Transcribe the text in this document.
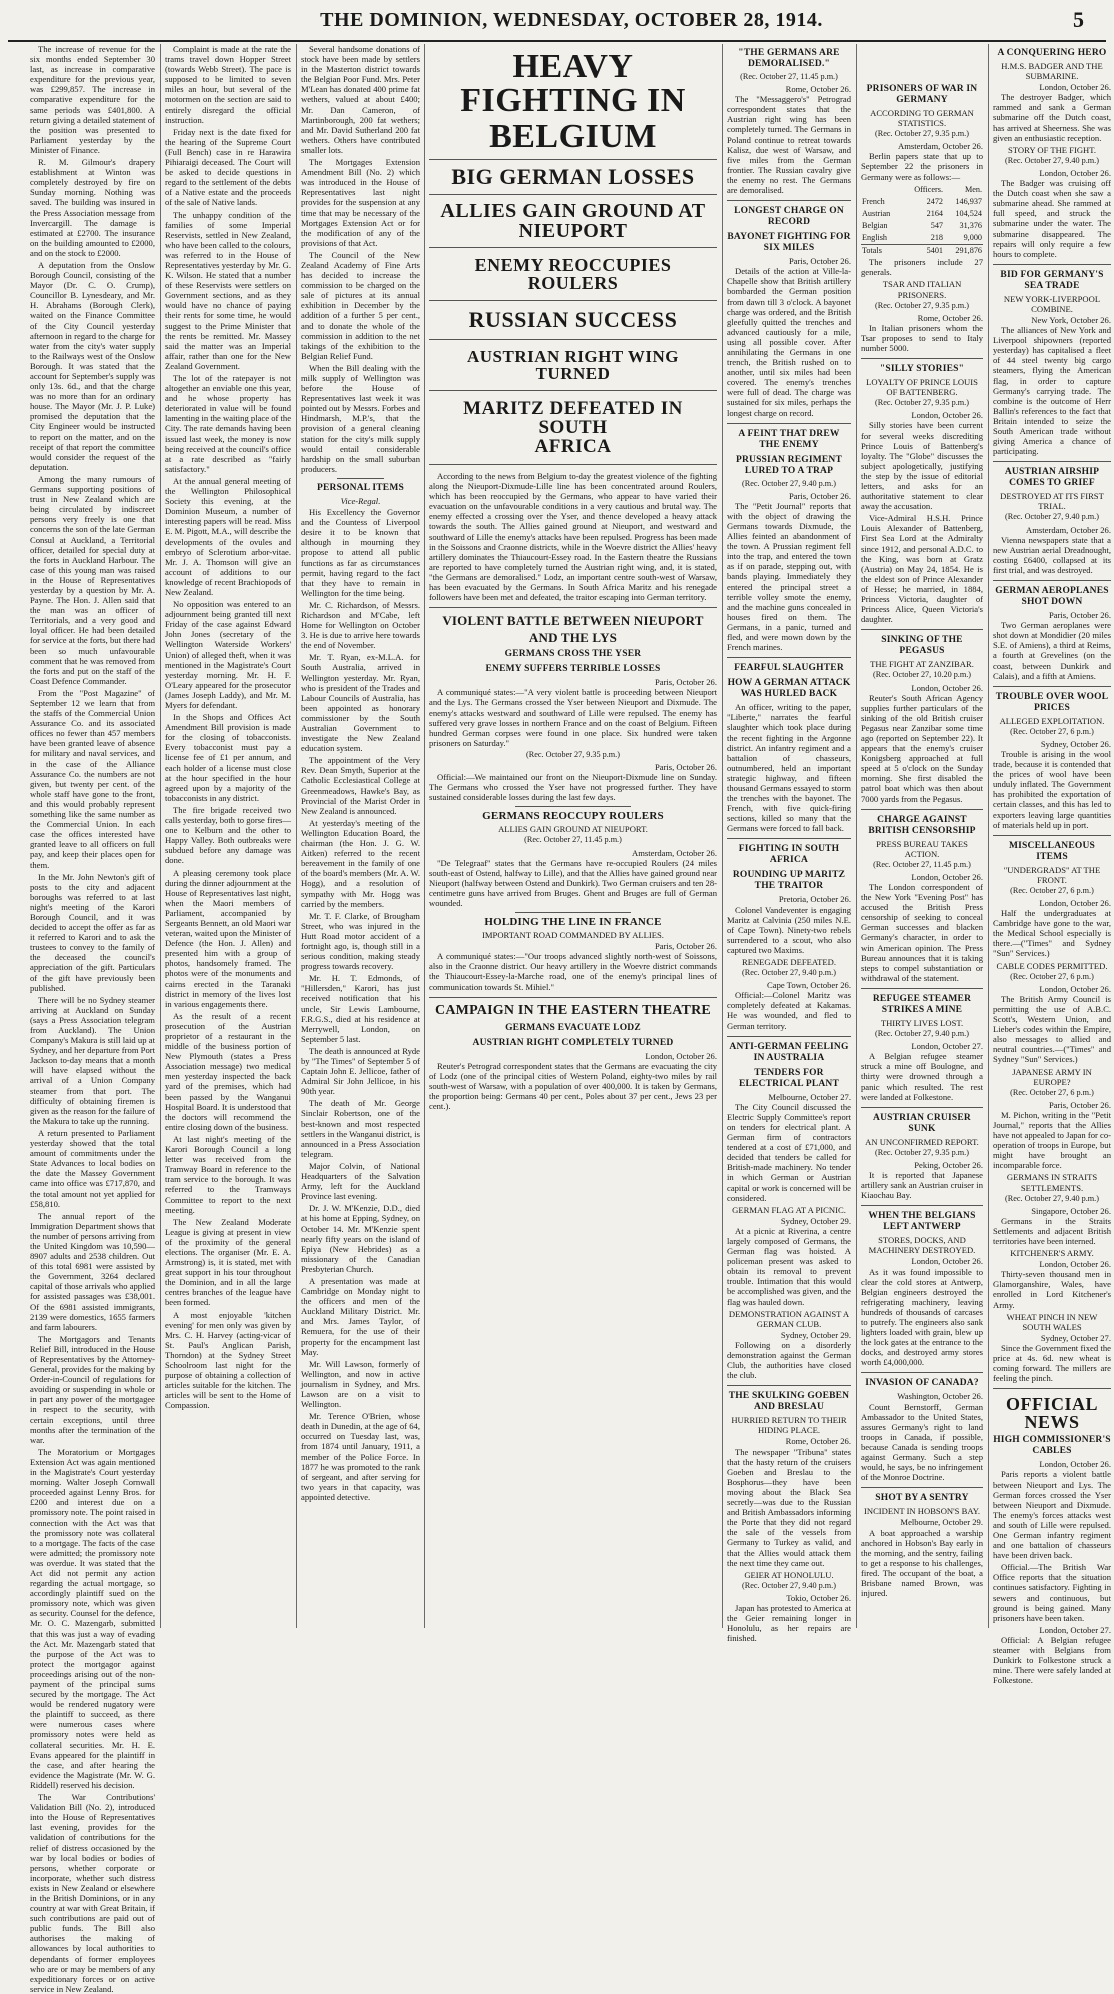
THE DOMINION, WEDNESDAY, OCTOBER 28, 1914.	5

The increase of revenue for the six months ended September 30 last, as increase in comparative expenditure for the previous year, was £299,857. The increase in comparative expenditure for the same periods was £401,800. A return giving a detailed statement of the position was presented to Parliament yesterday by the Minister of Finance.

R. M. Gilmour's drapery establishment at Winton was completely destroyed by fire on Sunday morning. Nothing was saved. The building was insured in the Press Association message from Invercargill. The damage is estimated at £2700. The insurance on the building amounted to £2000, and on the stock to £2000.

A deputation from the Onslow Borough Council, consisting of the Mayor (Dr. C. O. Crump), Councillor B. Lynesdeary, and Mr. H. Abrahams (Borough Clerk), waited on the Finance Committee of the City Council yesterday afternoon in regard to the charge for water from the city's water supply to the Railways west of the Onslow Borough. It was stated that the account for September's supply was only 13s. 6d., and that the charge was no more than for an ordinary house. The Mayor (Mr. J. P. Luke) promised the deputation that the City Engineer would be instructed to report on the matter, and on the receipt of that report the committee would consider the request of the deputation.

Among the many rumours of Germans supporting positions of trust in New Zealand which are being circulated by indiscreet persons very freely is one that concerns the son of the late German Consul at Auckland, a Territorial officer, detailed for special duty at the forts in Auckland Harbour. The case of this young man was raised in the House of Representatives yesterday by a question by Mr. A. Payne. The Hon. J. Allen said that the man was an officer of Territorials, and a very good and loyal officer. He had been detailed for service at the forts, but there had been so much unfavourable comment that he was removed from the forts and put on the staff of the Coast Defence Commander.

From the "Post Magazine" of September 12 we learn that from the staffs of the Commercial Union Assurance Co. and its associated offices no fewer than 457 members have been granted leave of absence for military and naval services, and in the case of the Alliance Assurance Co. the numbers are not given, but twenty per cent. of the whole staff have gone to the front, and this would probably represent something like the same number as the Commercial Union. In each case the offices interested have granted leave to all officers on full pay, and keep their places open for them.

In the Mr. John Newton's gift of posts to the city and adjacent boroughs was referred to at last night's meeting of the Karori Borough Council, and it was decided to accept the offer as far as it referred to Karori and to ask the trustees to convey to the family of the deceased the council's appreciation of the gift. Particulars of the gift have previously been published.

There will be no Sydney steamer arriving at Auckland on Sunday (says a Press Association telegram from Auckland). The Union Company's Makura is still laid up at Sydney, and her departure from Port Jackson to-day means that a month will have elapsed without the arrival of a Union Company steamer from that port. The difficulty of obtaining firemen is given as the reason for the failure of the Makura to take up the running.

A return presented to Parliament yesterday showed that the total amount of commitments under the State Advances to local bodies on the date the Massey Government came into office was £717,870, and the total amount not yet applied for £58,810.

The annual report of the Immigration Department shows that the number of persons arriving from the United Kingdom was 10,590—8907 adults and 2538 children. Out of this total 6981 were assisted by the Government, 3264 declared capital of those arrivals who applied for assisted passages was £38,001. Of the 6981 assisted immigrants, 2139 were domestics, 1655 farmers and farm labourers.

The Mortgagors and Tenants Relief Bill, introduced in the House of Representatives by the Attorney-General, provides for the making by Order-in-Council of regulations for avoiding or suspending in whole or in part any power of the mortgagee in respect to the security, with certain exceptions, until three months after the termination of the war.

The Moratorium or Mortgages Extension Act was again mentioned in the Magistrate's Court yesterday morning. Walter Joseph Cornwall proceeded against Lenny Bros. for £200 and interest due on a promissory note. The point raised in connection with the Act was that the promissory note was collateral to a mortgage. The facts of the case were admitted; the promissory note was overdue. It was stated that the Act did not permit any action regarding the actual mortgage, so accordingly plaintiff sued on the promissory note, which was given as security. Counsel for the defence, Mr. O. C. Mazengarb, submitted that this was just a way of evading the Act. Mr. Mazengarb stated that the purpose of the Act was to protect the mortgagor against proceedings arising out of the non-payment of the principal sums secured by the mortgage. The Act would be rendered nugatory were the plaintiff to succeed, as there were numerous cases where promissory notes were held as collateral securities. Mr. H. E. Evans appeared for the plaintiff in the case, and after hearing the evidence the Magistrate (Mr. W. G. Riddell) reserved his decision.

The War Contributions' Validation Bill (No. 2), introduced into the House of Representatives last evening, provides for the validation of contributions for the relief of distress occasioned by the war by local bodies or bodies of persons, whether corporate or incorporate, whether such distress exists in New Zealand or elsewhere in the British Dominions, or in any country at war with Great Britain, if such contributions are paid out of public funds. The Bill also authorises the making of allowances by local authorities to dependants of former employees who are or may be members of any expeditionary forces or on active service in New Zealand.

Complaint is made at the rate the trams travel down Hopper Street (towards Webb Street). The pace is supposed to be limited to seven miles an hour, but several of the motormen on the section are said to entirely disregard the official instruction.

Friday next is the date fixed for the hearing of the Supreme Court (Full Bench) case in re Harawira Pihiaraigi deceased. The Court will be asked to decide questions in regard to the settlement of the debts of a Native estate and the proceeds of the sale of Native lands.

The unhappy condition of the families of some Imperial Reservists, settled in New Zealand, who have been called to the colours, was referred to in the House of Representatives yesterday by Mr. G. K. Wilson. He stated that a number of these Reservists were settlers on Government sections, and as they would have no chance of paying their rents for some time, he would suggest to the Prime Minister that the rents be remitted. Mr. Massey said the matter was an Imperial affair, rather than one for the New Zealand Government.

The lot of the ratepayer is not altogether an enviable one this year, and he whose property has deteriorated in value will be found lamenting in the waiting place of the City. The rate demands having been issued last week, the money is now being received at the council's office at a rate described as "fairly satisfactory."

At the annual general meeting of the Wellington Philosophical Society this evening, at the Dominion Museum, a number of interesting papers will be read. Miss E. M. Pigott, M.A., will describe the developments of the ovules and embryo of Sclerotium arbor-vitae. Mr. J. A. Thomson will give an account of additions to our knowledge of recent Brachiopods of New Zealand.

No opposition was entered to an adjournment being granted till next Friday of the case against Edward John Jones (secretary of the Wellington Waterside Workers' Union) of alleged theft, when it was mentioned in the Magistrate's Court yesterday morning. Mr. H. F. O'Leary appeared for the prosecutor (James Joseph Laddy), and Mr. M. Myers for defendant.

In the Shops and Offices Act Amendment Bill provision is made for the closing of tobacconists. Every tobacconist must pay a license fee of £1 per annum, and each holder of a license must close at the hour specified in the hour agreed upon by a majority of the tobacconists in any district.

The fire brigade received two calls yesterday, both to gorse fires—one to Kelburn and the other to Happy Valley. Both outbreaks were subdued before any damage was done.

A pleasing ceremony took place during the dinner adjournment at the House of Representatives last night, when the Maori members of Parliament, accompanied by Sergeants Bennett, an old Maori war veteran, waited upon the Minister of Defence (the Hon. J. Allen) and presented him with a group of photos, handsomely framed. The photos were of the monuments and cairns erected in the Taranaki district in memory of the lives lost in various engagements there.

As the result of a recent prosecution of the Austrian proprietor of a restaurant in the middle of the business portion of New Plymouth (states a Press Association message) two medical men yesterday inspected the back yard of the premises, which had been passed by the Wanganui Hospital Board. It is understood that the doctors will recommend the entire closing down of the business.

At last night's meeting of the Karori Borough Council a long letter was received from the Tramway Board in reference to the tram service to the borough. It was referred to the Tramways Committee to report to the next meeting.

The New Zealand Moderate League is giving at present in view of the proximity of the general elections. The organiser (Mr. E. A. Armstrong) is, it is stated, met with great support in his tour throughout the Dominion, and in all the large centres branches of the league have been formed.

A most enjoyable 'kitchen evening' for men only was given by Mrs. C. H. Harvey (acting-vicar of St. Paul's Anglican Parish, Thorndon) at the Sydney Street Schoolroom last night for the purpose of obtaining a collection of articles suitable for the kitchen. The articles will be sent to the Home of Compassion.

Several handsome donations of stock have been made by settlers in the Masterton district towards the Belgian Poor Fund. Mrs. Peter M'Lean has donated 400 prime fat wethers, valued at about £400; Mr. Dan Cameron, of Martinborough, 200 fat wethers; and Mr. David Sutherland 200 fat wethers. Others have contributed smaller lots.

The Mortgages Extension Amendment Bill (No. 2) which was introduced in the House of Representatives last night provides for the suspension at any time that may be necessary of the Mortgages Extension Act or for the modification of any of the provisions of that Act.

The Council of the New Zealand Academy of Fine Arts has decided to increase the commission to be charged on the sale of pictures at its annual exhibition in December by the addition of a further 5 per cent., and to donate the whole of the commission in addition to the net takings of the exhibition to the Belgian Relief Fund.

When the Bill dealing with the milk supply of Wellington was before the House of Representatives last week it was pointed out by Messrs. Forbes and Hindmarsh, M.P.'s, that the provision of a general cleaning station for the city's milk supply would entail considerable hardship on the small suburban producers.

PERSONAL ITEMS
Vice-Regal.

His Excellency the Governor and the Countess of Liverpool desire it to be known that although in mourning they propose to attend all public functions as far as circumstances permit, having regard to the fact that they have to remain in Wellington for the time being.

Mr. C. Richardson, of Messrs. Richardson and M'Cabe, left Home for Wellington on October 3. He is due to arrive here towards the end of November.

Mr. T. Ryan, ex-M.L.A. for South Australia, arrived in Wellington yesterday. Mr. Ryan, who is president of the Trades and Labour Councils of Australia, has been appointed as honorary commissioner by the South Australian Government to investigate the New Zealand education system.

The appointment of the Very Rev. Dean Smyth, Superior at the Catholic Ecclesiastical College at Greenmeadows, Hawke's Bay, as Provincial of the Marist Order in New Zealand is announced.

At yesterday's meeting of the Wellington Education Board, the chairman (the Hon. J. G. W. Aitken) referred to the recent bereavement in the family of one of the board's members (Mr. A. W. Hogg), and a resolution of sympathy with Mr. Hogg was carried by the members.

Mr. T. F. Clarke, of Brougham Street, who was injured in the Hutt Road motor accident of a fortnight ago, is, though still in a serious condition, making steady progress towards recovery.

Mr. H. T. Edmonds, of "Hillersden," Karori, has just received notification that his uncle, Sir Lewis Lambourne, F.R.G.S., died at his residence at Merrywell, London, on September 5 last.

The death is announced at Ryde by "The Times" of September 5 of Captain John E. Jellicoe, father of Admiral Sir John Jellicoe, in his 90th year.

The death of Mr. George Sinclair Robertson, one of the best-known and most respected settlers in the Wanganui district, is announced in a Press Association telegram.

Major Colvin, of National Headquarters of the Salvation Army, left for the Auckland Province last evening.

Dr. J. W. M'Kenzie, D.D., died at his home at Epping, Sydney, on October 14. Mr. M'Kenzie spent nearly fifty years on the island of Epiya (New Hebrides) as a missionary of the Canadian Presbyterian Church.

A presentation was made at Cambridge on Monday night to the officers and men of the Auckland Military District. Mr. and Mrs. James Taylor, of Remuera, for the use of their property for the encampment last May.

Mr. Will Lawson, formerly of Wellington, and now in active journalism in Sydney, and Mrs. Lawson are on a visit to Wellington.

Mr. Terence O'Brien, whose death in Dunedin, at the age of 64, occurred on Tuesday last, was, from 1874 until January, 1911, a member of the Police Force. In 1877 he was promoted to the rank of sergeant, and after serving for two years in that capacity, was appointed detective.

HEAVY FIGHTING IN
BELGIUM
BIG GERMAN LOSSES
ALLIES GAIN GROUND AT
NIEUPORT
ENEMY REOCCUPIES ROULERS
RUSSIAN SUCCESS
AUSTRIAN RIGHT WING TURNED
MARITZ DEFEATED IN SOUTH
AFRICA

According to the news from Belgium to-day the greatest violence of the fighting along the Nieuport-Dixmude-Lille line has been concentrated around Roulers, which has been reoccupied by the Germans, who appear to have varied their evacuation on the unfavourable conditions in a very cautious and brutal way. The enemy effected a crossing over the Yser, and thence developed a heavy attack towards the south. The Allies gained ground at Nieuport, and westward and southward of Lille the enemy's attacks have been repulsed. Progress has been made in the Soissons and Craonne districts, while in the Woevre district the Allies' heavy artillery dominates the Thiaucourt-Essey road. In the Eastern theatre the Russians are reported to have completely turned the Austrian right wing, and, it is stated, "the Germans are demoralised." Lodz, an important centre south-west of Warsaw, has been evacuated by the Germans. In South Africa Maritz and his renegade followers have been met and defeated, the traitor escaping into German territory.

VIOLENT BATTLE BETWEEN NIEUPORT
AND THE LYS
GERMANS CROSS THE YSER
ENEMY SUFFERS TERRIBLE LOSSES
Paris, October 26.

A communiqué states:—"A very violent battle is proceeding between Nieuport and the Lys. The Germans crossed the Yser between Nieuport and Dixmude. The enemy's attacks westward and southward of Lille were repulsed. The enemy has suffered very grave losses in northern France and on the coast of Belgium. Fifteen hundred German corpses were found in one place. Six hundred were taken prisoners on Saturday."

(Rec. October 27, 9.35 p.m.)
Paris, October 26.

Official:—We maintained our front on the Nieuport-Dixmude line on Sunday. The Germans who crossed the Yser have not progressed further. They have sustained considerable losses during the last few days.

GERMANS REOCCUPY ROULERS
ALLIES GAIN GROUND AT NIEUPORT.
(Rec. October 27, 11.45 p.m.)
Amsterdam, October 26.

"De Telegraaf" states that the Germans have re-occupied Roulers (24 miles south-east of Ostend, halfway to Lille), and that the Allies have gained ground near Nieuport (halfway between Ostend and Dunkirk). Two German cruisers and ten 28-centimetre guns have arrived from Bruges. Ghent and Bruges are full of German wounded.

HOLDING THE LINE IN FRANCE
IMPORTANT ROAD COMMANDED BY ALLIES.
Paris, October 26.

A communiqué states:—"Our troops advanced slightly north-west of Soissons, also in the Craonne district. Our heavy artillery in the Woevre district commands the Thiaucourt-Essey-la-Marche road, one of the enemy's principal lines of communication towards St. Mihiel."

CAMPAIGN IN THE EASTERN THEATRE
GERMANS EVACUATE LODZ
AUSTRIAN RIGHT COMPLETELY TURNED
London, October 26.

Reuter's Petrograd correspondent states that the Germans are evacuating the city of Lodz (one of the principal cities of Western Poland, eighty-two miles by rail south-west of Warsaw, with a population of over 400,000. It is taken by Germans, the proportion being: Germans 40 per cent., Poles about 37 per cent., Jews 23 per cent.).

"THE GERMANS ARE DEMORALISED."
(Rec. October 27, 11.45 p.m.)
Rome, October 26.

The "Messaggero's" Petrograd correspondent states that the Austrian right wing has been completely turned. The Germans in Poland continue to retreat towards Kalisz, due west of Warsaw, and five miles from the German frontier. The Russian cavalry give the enemy no rest. The Germans are demoralised.

LONGEST CHARGE ON RECORD
BAYONET FIGHTING FOR SIX MILES
Paris, October 26.

Details of the action at Ville-la-Chapelle show that British artillery bombarded the German position from dawn till 3 o'clock. A bayonet charge was ordered, and the British gleefully quitted the trenches and advanced cautiously for a mile, using all possible cover. After annihilating the Germans in one trench, the British rushed on to another, until six miles had been covered. The enemy's trenches were full of dead. The charge was sustained for six miles, perhaps the longest charge on record.

A FEINT THAT DREW THE ENEMY
PRUSSIAN REGIMENT LURED TO A TRAP
(Rec. October 27, 9.40 p.m.)
Paris, October 26.

The "Petit Journal" reports that with the object of drawing the Germans towards Dixmude, the Allies feinted an abandonment of the town. A Prussian regiment fell into the trap, and entered the town as if on parade, stepping out, with bands playing. Immediately they entered the principal street a terrible volley smote the enemy, and the machine guns concealed in houses fired on them. The Germans, in a panic, turned and fled, and were mown down by the French marines.

FEARFUL SLAUGHTER
HOW A GERMAN ATTACK WAS HURLED BACK

An officer, writing to the paper, "Liberte," narrates the fearful slaughter which took place during the recent fighting in the Argonne district. An infantry regiment and a battalion of chasseurs, outnumbered, held an important strategic highway, and fifteen thousand Germans essayed to storm the trenches with the bayonet. The French, with five quick-firing sections, killed so many that the Germans were forced to fall back.

FIGHTING IN SOUTH AFRICA
ROUNDING UP MARITZ THE TRAITOR
Pretoria, October 26.

Colonel Vandeventer is engaging Maritz at Calvinia (250 miles N.E. of Cape Town). Ninety-two rebels surrendered to a scout, who also captured two Maxims.

RENEGADE DEFEATED.
(Rec. October 27, 9.40 p.m.)
Cape Town, October 26.

Official:—Colonel Maritz was completely defeated at Kakamas. He was wounded, and fled to German territory.

ANTI-GERMAN FEELING IN AUSTRALIA
TENDERS FOR ELECTRICAL PLANT
Melbourne, October 27.

The City Council discussed the Electric Supply Committee's report on tenders for electrical plant. A German firm of contractors tendered at a cost of £71,000, and decided that tenders be called for British-made machinery. No tender in which German or Austrian capital or work is concerned will be considered.

GERMAN FLAG AT A PICNIC.
Sydney, October 29.

At a picnic at Riverina, a centre largely composed of Germans, the German flag was hoisted. A policeman present was asked to obtain its removal to prevent trouble. Intimation that this would be accomplished was given, and the flag was hauled down.

DEMONSTRATION AGAINST A GERMAN CLUB.
Sydney, October 29.

Following on a disorderly demonstration against the German Club, the authorities have closed the club.

THE SKULKING GOEBEN AND BRESLAU
HURRIED RETURN TO THEIR HIDING PLACE.
Rome, October 26.

The newspaper "Tribuna" states that the hasty return of the cruisers Goeben and Breslau to the Bosphorus—they have been moving about the Black Sea secretly—was due to the Russian and British Ambassadors informing the Porte that they did not regard the sale of the vessels from Germany to Turkey as valid, and that the Allies would attack them the next time they came out.

GEIER AT HONOLULU.
(Rec. October 27, 9.40 p.m.)
Tokio, October 26.

Japan has protested to America at the Geier remaining longer in Honolulu, as her repairs are finished.

PRISONERS OF WAR IN GERMANY
ACCORDING TO GERMAN STATISTICS.
(Rec. October 27, 9.35 p.m.)
Amsterdam, October 26.

Berlin papers state that up to September 22 the prisoners in Germany were as follows:—

	Officers.	Men.
French	2472	146,937
Austrian	2164	104,524
Belgian	547	31,376
English	218	9,000
Totals	5401	291,876

The prisoners include 27 generals.

TSAR AND ITALIAN PRISONERS.
(Rec. October 27, 9.35 p.m.)
Rome, October 26.

In Italian prisoners whom the Tsar proposes to send to Italy number 5000.

"SILLY STORIES"
LOYALTY OF PRINCE LOUIS OF BATTENBERG.
(Rec. October 27, 9.35 p.m.)
London, October 26.

Silly stories have been current for several weeks discrediting Prince Louis of Battenberg's loyalty. The "Globe" discusses the subject apologetically, justifying the step by the issue of editorial letters, and asks for an authoritative statement to clear away the accusation.

Vice-Admiral H.S.H. Prince Louis Alexander of Battenberg, First Sea Lord at the Admiralty since 1912, and personal A.D.C. to the King, was born at Gratz (Austria) on May 24, 1854. He is the eldest son of Prince Alexander of Hesse; he married, in 1884, Princess Victoria, daughter of Princess Alice, Queen Victoria's daughter.

SINKING OF THE PEGASUS
THE FIGHT AT ZANZIBAR.
(Rec. October 27, 10.20 p.m.)
London, October 26.

Reuter's South African Agency supplies further particulars of the sinking of the old British cruiser Pegasus near Zanzibar some time ago (reported on September 22). It appears that the enemy's cruiser Konigsberg approached at full speed at 5 o'clock on the Sunday morning. She first disabled the patrol boat which was then about 7000 yards from the Pegasus.

CHARGE AGAINST BRITISH CENSORSHIP
PRESS BUREAU TAKES ACTION.
(Rec. October 27, 11.45 p.m.)
London, October 26.

The London correspondent of the New York "Evening Post" has accused the British Press censorship of seeking to conceal German successes and blacken Germany's character, in order to win American opinion. The Press Bureau announces that it is taking steps to compel substantiation or withdrawal of the statement.

REFUGEE STEAMER STRIKES A MINE
THIRTY LIVES LOST.
(Rec. October 27, 9.40 p.m.)
London, October 27.

A Belgian refugee steamer struck a mine off Boulogne, and thirty were drowned through a panic which resulted. The rest were landed at Folkestone.

AUSTRIAN CRUISER SUNK
AN UNCONFIRMED REPORT.
(Rec. October 27, 9.35 p.m.)
Peking, October 26.

It is reported that Japanese artillery sank an Austrian cruiser in Kiaochau Bay.

WHEN THE BELGIANS LEFT ANTWERP
STORES, DOCKS, AND MACHINERY DESTROYED.
London, October 26.

As it was found impossible to clear the cold stores at Antwerp, Belgian engineers destroyed the refrigerating machinery, leaving hundreds of thousands of carcases to putrefy. The engineers also sank lighters loaded with grain, blew up the lock gates at the entrance to the docks, and destroyed army stores worth £4,000,000.

INVASION OF CANADA?
Washington, October 26.

Count Bernstorff, German Ambassador to the United States, assures Germany's right to land troops in Canada, if possible, because Canada is sending troops against Germany. Such a step would, he says, be no infringement of the Monroe Doctrine.

SHOT BY A SENTRY
INCIDENT IN HOBSON'S BAY.
Melbourne, October 29.

A boat approached a warship anchored in Hobson's Bay early in the morning, and the sentry, failing to get a response to his challenges, fired. The occupant of the boat, a Brisbane named Brown, was injured.

A CONQUERING HERO
H.M.S. BADGER AND THE SUBMARINE.
London, October 26.

The destroyer Badger, which rammed and sank a German submarine off the Dutch coast, has arrived at Sheerness. She was given an enthusiastic reception.

STORY OF THE FIGHT.
(Rec. October 27, 9.40 p.m.)
London, October 26.

The Badger was cruising off the Dutch coast when she saw a submarine ahead. She rammed at full speed, and struck the submarine under the water. The submarine disappeared. The repairs will only require a few hours to complete.

BID FOR GERMANY'S SEA TRADE
NEW YORK-LIVERPOOL COMBINE.
New York, October 26.

The alliances of New York and Liverpool shipowners (reported yesterday) has capitalised a fleet of 44 steel twenty big cargo steamers, flying the American flag, in order to capture Germany's carrying trade. The combine is the outcome of Herr Ballin's references to the fact that Britain intended to seize the South American trade without giving America a chance of participating.

AUSTRIAN AIRSHIP COMES TO GRIEF
DESTROYED AT ITS FIRST TRIAL.
(Rec. October 27, 9.40 p.m.)
Amsterdam, October 26.

Vienna newspapers state that a new Austrian aerial Dreadnought, costing £6400, collapsed at its first trial, and was destroyed.

GERMAN AEROPLANES SHOT DOWN
Paris, October 26.

Two German aeroplanes were shot down at Mondidier (20 miles S.E. of Amiens), a third at Reims, a fourth at Grevelines (on the coast, between Dunkirk and Calais), and a fifth at Amiens.

TROUBLE OVER WOOL PRICES
ALLEGED EXPLOITATION.
(Rec. October 27, 6 p.m.)
Sydney, October 26.

Trouble is arising in the wool trade, because it is contended that the prices of wool have been unduly inflated. The Government has prohibited the exportation of certain classes, and this has led to exporters leaving large quantities of materials held up in port.

MISCELLANEOUS ITEMS
"UNDERGRADS" AT THE FRONT.
(Rec. October 27, 6 p.m.)
London, October 26.

Half the undergraduates at Cambridge have gone to the war, the Medical School especially is there.—("Times" and Sydney "Sun" Services.)

CABLE CODES PERMITTED.
(Rec. October 27, 6 p.m.)
London, October 26.

The British Army Council is permitting the use of A.B.C. Scott's, Western Union, and Lieber's codes within the Empire, also messages to allied and neutral countries.—("Times" and Sydney "Sun" Services.)

JAPANESE ARMY IN EUROPE?
(Rec. October 27, 6 p.m.)
Paris, October 26.

M. Pichon, writing in the "Petit Journal," reports that the Allies have not appealed to Japan for co-operation of troops in Europe, but might have brought an incomparable force.

GERMANS IN STRAITS SETTLEMENTS.
(Rec. October 27, 9.40 p.m.)
Singapore, October 26.

Germans in the Straits Settlements and adjacent British territories have been interned.

KITCHENER'S ARMY.
London, October 26.

Thirty-seven thousand men in Glamorganshire, Wales, have enrolled in Lord Kitchener's Army.

WHEAT PINCH IN NEW SOUTH WALES
Sydney, October 27.

Since the Government fixed the price at 4s. 6d. new wheat is coming forward. The millers are feeling the pinch.

OFFICIAL NEWS
HIGH COMMISSIONER'S CABLES
London, October 26.

Paris reports a violent battle between Nieuport and Lys. The German forces crossed the Yser between Nieuport and Dixmude. The enemy's forces attacks west and south of Lille were repulsed. One German infantry regiment and one battalion of chasseurs have been driven back.

Official.—The British War Office reports that the situation continues satisfactory. Fighting in sewers and continuous, but ground is being gained. Many prisoners have been taken.

London, October 27.

Official: A Belgian refugee steamer with Belgians from Dunkirk to Folkestone struck a mine. There were safely landed at Folkestone.
